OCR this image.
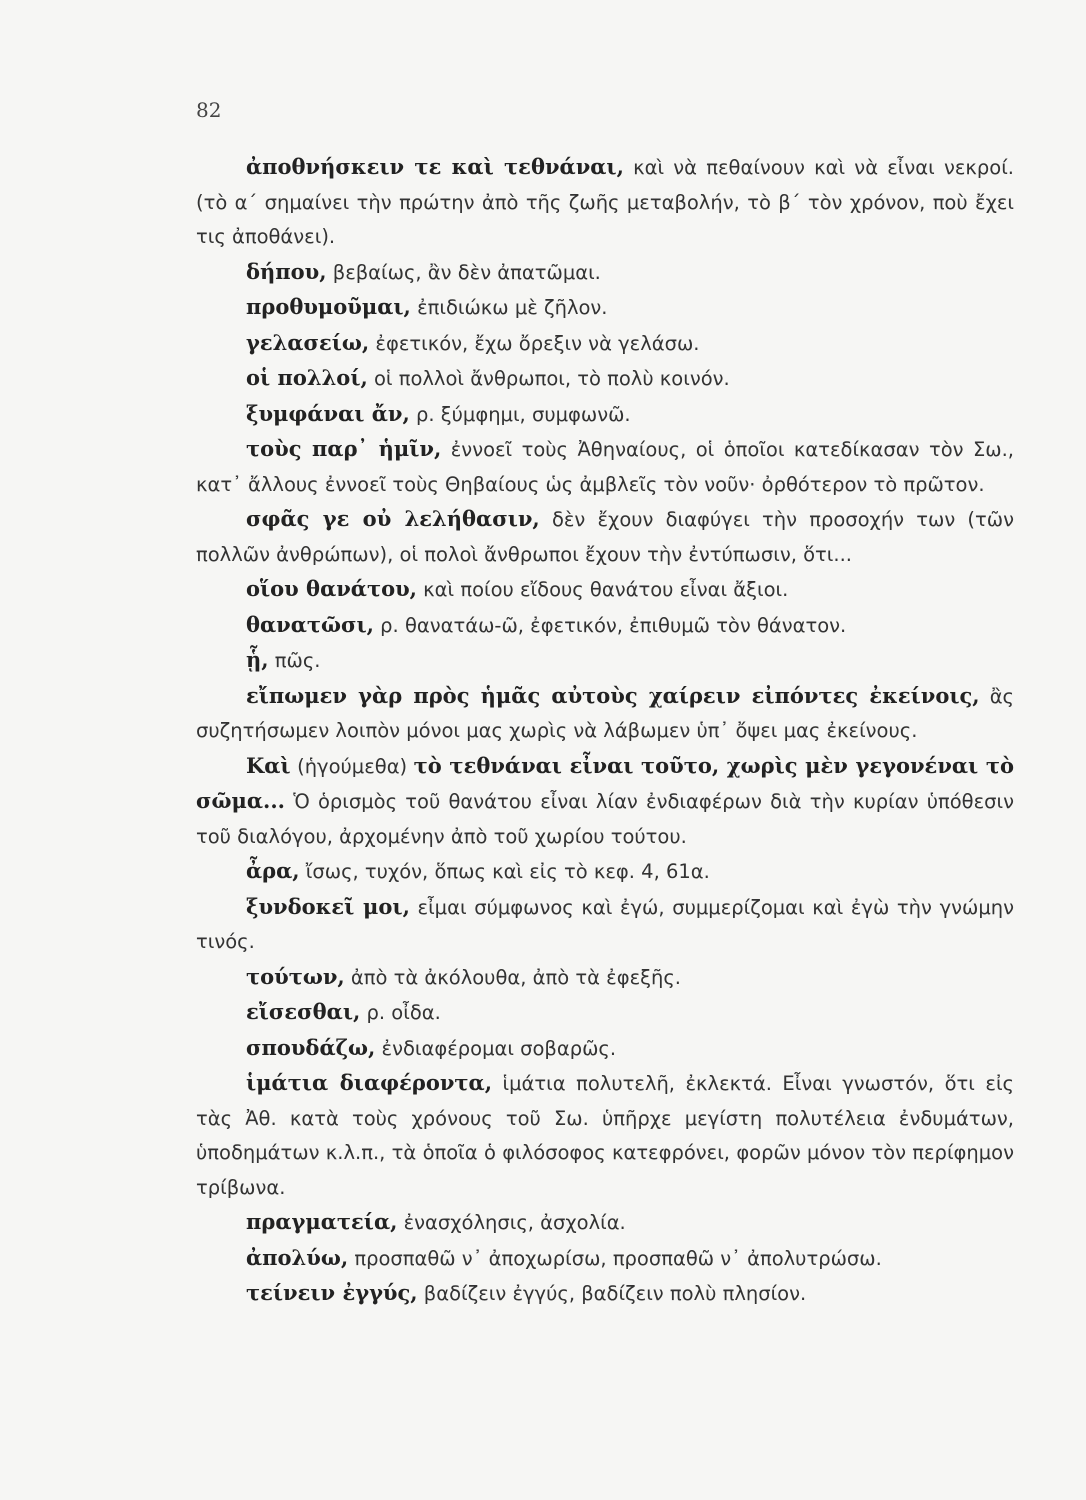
82

ἀποθνήσκειν τε καὶ τεθνάναι, καὶ νὰ πεθαίνουν καὶ νὰ εἶναι νεκροί. (τὸ α΄ σημαίνει τὴν πρώτην ἀπὸ τῆς ζωῆς μεταβολήν, τὸ β΄ τὸν χρόνον, ποὺ ἔχει τις ἀποθάνει).

δήπου, βεβαίως, ἂν δὲν ἀπατῶμαι.

προθυμοῦμαι, ἐπιδιώκω μὲ ζῆλον.

γελασείω, ἐφετικόν, ἔχω ὄρεξιν νὰ γελάσω.

οἱ πολλοί, οἱ πολλοὶ ἄνθρωποι, τὸ πολὺ κοινόν.

ξυμφάναι ἄν, ρ. ξύμφημι, συμφωνῶ.

τοὺς παρ᾿ ἡμῖν, ἐννοεῖ τοὺς Ἀθηναίους, οἱ ὁποῖοι κατεδίκασαν τὸν Σω., κατ᾿ ἄλλους ἐννοεῖ τοὺς Θηβαίους ὡς ἀμβλεῖς τὸν νοῦν· ὀρθότερον τὸ πρῶτον.

σφᾶς γε οὐ λελήθασιν, δὲν ἔχουν διαφύγει τὴν προσοχήν των (τῶν πολλῶν ἀνθρώπων), οἱ πολοὶ ἄνθρωποι ἔχουν τὴν ἐντύπωσιν, ὅτι...

οἵου θανάτου, καὶ ποίου εἴδους θανάτου εἶναι ἄξιοι.

θανατῶσι, ρ. θανατάω-ῶ, ἐφετικόν, ἐπιθυμῶ τὸν θάνατον.

ᾗ, πῶς.

εἴπωμεν γὰρ πρὸς ἡμᾶς αὐτοὺς χαίρειν εἰπόντες ἐκείνοις, ἂς συζητήσωμεν λοιπὸν μόνοι μας χωρὶς νὰ λάβωμεν ὑπ᾿ ὄψει μας ἐκείνους.

Καὶ (ἡγούμεθα) τὸ τεθνάναι εἶναι τοῦτο, χωρὶς μὲν γεγονέναι τὸ σῶμα... Ὁ ὁρισμὸς τοῦ θανάτου εἶναι λίαν ἐνδιαφέρων διὰ τὴν κυρίαν ὑπόθεσιν τοῦ διαλόγου, ἀρχομένην ἀπὸ τοῦ χωρίου τούτου.

ἆρα, ἴσως, τυχόν, ὅπως καὶ εἰς τὸ κεφ. 4, 61α.

ξυνδοκεῖ μοι, εἶμαι σύμφωνος καὶ ἐγώ, συμμερίζομαι καὶ ἐγὼ τὴν γνώμην τινός.

τούτων, ἀπὸ τὰ ἀκόλουθα, ἀπὸ τὰ ἐφεξῆς.

εἴσεσθαι, ρ. οἶδα.

σπουδάζω, ἐνδιαφέρομαι σοβαρῶς.

ἱμάτια διαφέροντα, ἱμάτια πολυτελῆ, ἐκλεκτά. Εἶναι γνωστόν, ὅτι εἰς τὰς Ἀθ. κατὰ τοὺς χρόνους τοῦ Σω. ὑπῆρχε μεγίστη πολυτέλεια ἐνδυμάτων, ὑποδημάτων κ.λ.π., τὰ ὁποῖα ὁ φιλόσοφος κατεφρόνει, φορῶν μόνον τὸν περίφημον τρίβωνα.

πραγματεία, ἐνασχόλησις, ἀσχολία.

ἀπολύω, προσπαθῶ ν᾿ ἀποχωρίσω, προσπαθῶ ν᾿ ἀπολυτρώσω.

τείνειν ἐγγύς, βαδίζειν ἐγγύς, βαδίζειν πολὺ πλησίον.
